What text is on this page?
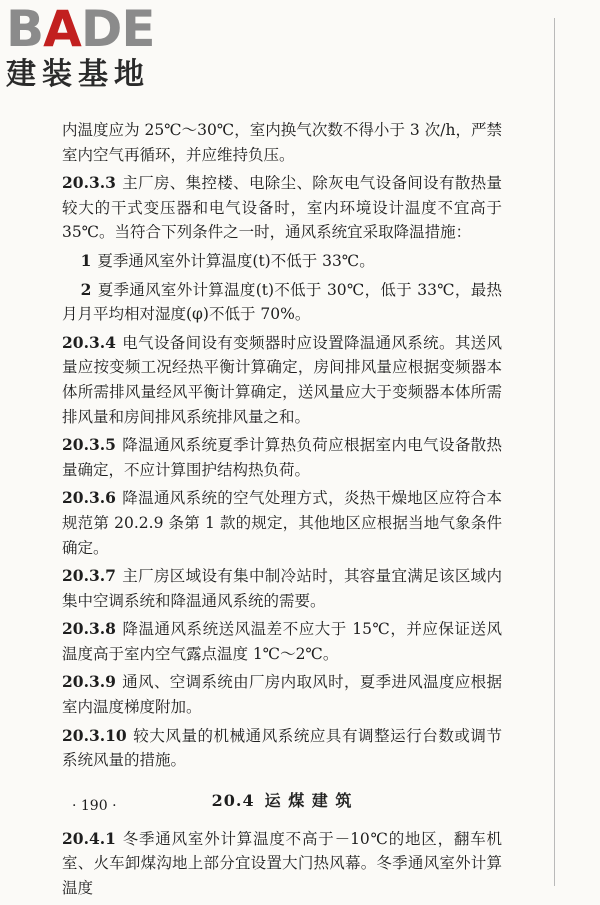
BADE
建装基地

内温度应为 25℃～30℃，室内换气次数不得小于 3 次/h，严禁室内空气再循环，并应维持负压。

20.3.3 主厂房、集控楼、电除尘、除灰电气设备间设有散热量较大的干式变压器和电气设备时，室内环境设计温度不宜高于 35℃。当符合下列条件之一时，通风系统宜采取降温措施：

1 夏季通风室外计算温度(t)不低于 33℃。

2 夏季通风室外计算温度(t)不低于 30℃，低于 33℃，最热月月平均相对湿度(φ)不低于 70%。

20.3.4 电气设备间设有变频器时应设置降温通风系统。其送风量应按变频工况经热平衡计算确定，房间排风量应根据变频器本体所需排风量经风平衡计算确定，送风量应大于变频器本体所需排风量和房间排风系统排风量之和。

20.3.5 降温通风系统夏季计算热负荷应根据室内电气设备散热量确定，不应计算围护结构热负荷。

20.3.6 降温通风系统的空气处理方式，炎热干燥地区应符合本规范第 20.2.9 条第 1 款的规定，其他地区应根据当地气象条件确定。

20.3.7 主厂房区域设有集中制冷站时，其容量宜满足该区域内集中空调系统和降温通风系统的需要。

20.3.8 降温通风系统送风温差不应大于 15℃，并应保证送风温度高于室内空气露点温度 1℃～2℃。

20.3.9 通风、空调系统由厂房内取风时，夏季进风温度应根据室内温度梯度附加。

20.3.10 较大风量的机械通风系统应具有调整运行台数或调节系统风量的措施。

20.4 运 煤 建 筑

20.4.1 冬季通风室外计算温度不高于－10℃的地区，翻车机室、火车卸煤沟地上部分宜设置大门热风幕。冬季通风室外计算温度

· 190 ·
